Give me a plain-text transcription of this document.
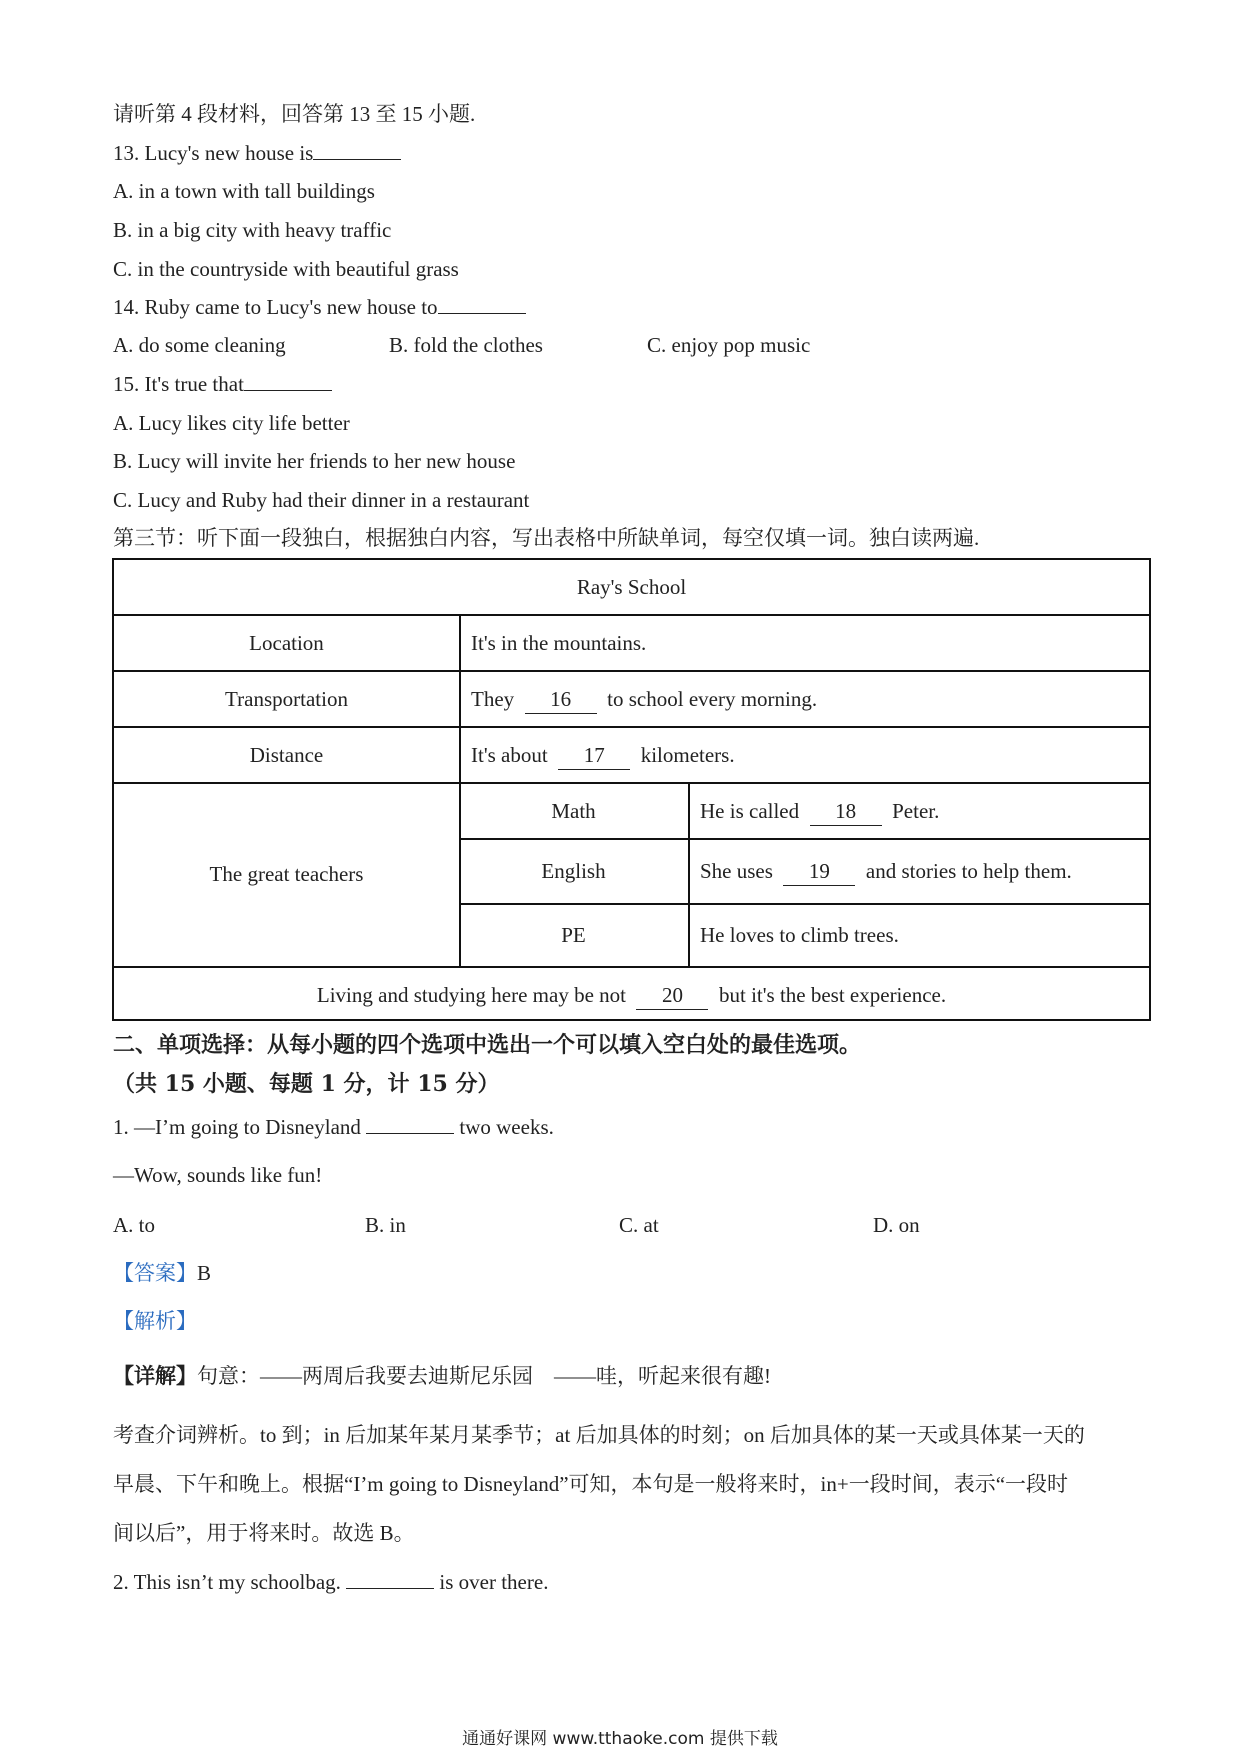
请听第 4 段材料，回答第 13 至 15 小题.
13. Lucy's new house is
A. in a town with tall buildings
B. in a big city with heavy traffic
C. in the countryside with beautiful grass
14. Ruby came to Lucy's new house to
A. do some cleaning	B. fold the clothes	C. enjoy pop music
15. It's true that
A. Lucy likes city life better
B. Lucy will invite her friends to her new house
C. Lucy and Ruby had their dinner in a restaurant
第三节：听下面一段独白，根据独白内容，写出表格中所缺单词，每空仅填一词。独白读两遍.
Ray's School
Location	It's in the mountains.
Transportation	They 16 to school every morning.
Distance	It's about 17 kilometers.
The great teachers
Math	He is called 18 Peter.
English	She uses 19 and stories to help them.
PE	He loves to climb trees.
Living and studying here may be not 20 but it's the best experience.
二、单项选择：从每小题的四个选项中选出一个可以填入空白处的最佳选项。
（共 15 小题、每题 1 分，计 15 分）
1. —I’m going to Disneyland	two weeks.
—Wow, sounds like fun!
A. to	B. in	C. at	D. on
【答案】B
【解析】
【详解】句意：——两周后我要去迪斯尼乐园　——哇，听起来很有趣!
考查介词辨析。to 到；in 后加某年某月某季节；at 后加具体的时刻；on 后加具体的某一天或具体某一天的
早晨、下午和晚上。根据“I’m going to Disneyland”可知，本句是一般将来时，in+一段时间，表示“一段时
间以后”，用于将来时。故选 B。
2. This isn’t my schoolbag.	is over there.
通通好课网 www.tthaoke.com 提供下载
